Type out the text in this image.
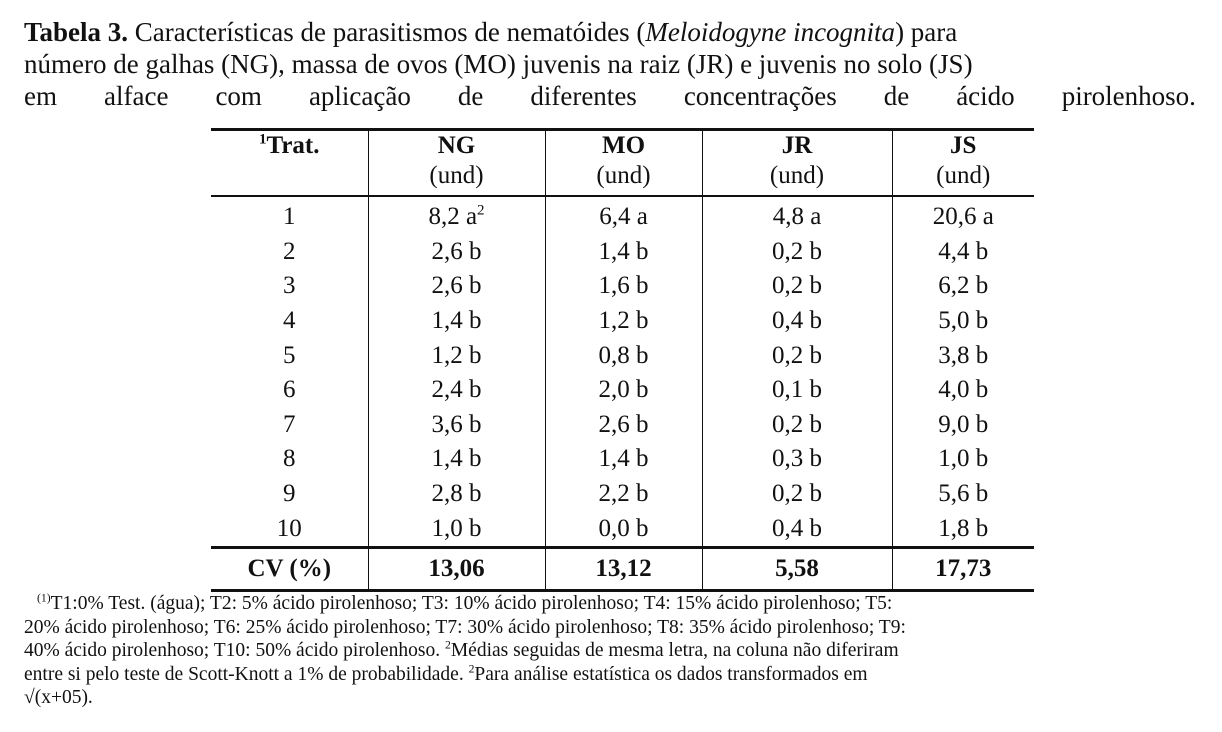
Tabela 3. Características de parasitismos de nematóides (Meloidogyne incognita) para
número de galhas (NG), massa de ovos (MO) juvenis na raiz (JR) e juvenis no solo (JS)
em alface com aplicação de diferentes concentrações de ácido pirolenhoso.
$^1$Trat.	NG	MO	JR	JS
	(und)	(und)	(und)	(und)
1	8,2 $a^2$	6,4 a	4,8 a	20,6 a
2	2,6 b	1,4 b	0,2 b	4,4 b
3	2,6 b	1,6 b	0,2 b	6,2 b
4	1,4 b	1,2 b	0,4 b	5,0 b
5	1,2 b	0,8 b	0,2 b	3,8 b
6	2,4 b	2,0 b	0,1 b	4,0 b
7	3,6 b	2,6 b	0,2 b	9,0 b
8	1,4 b	1,4 b	0,3 b	1,0 b
9	2,8 b	2,2 b	0,2 b	5,6 b
10	1,0 b	0,0 b	0,4 b	1,8 b
CV (%)	13,06	13,12	5,58	17,73
$^{(1)}$T1:0% Test. (água); T2: 5% ácido pirolenhoso; T3: 10% ácido pirolenhoso; T4: 15% ácido pirolenhoso; T5:
20% ácido pirolenhoso; T6: 25% ácido pirolenhoso; T7: 30% ácido pirolenhoso; T8: 35% ácido pirolenhoso; T9:
40% ácido pirolenhoso; T10: 50% ácido pirolenhoso. $^2$Médias seguidas de mesma letra, na coluna não diferiram
entre si pelo teste de Scott-Knott a 1% de probabilidade. $^2$Para análise estatística os dados transformados em
√(x+05).
